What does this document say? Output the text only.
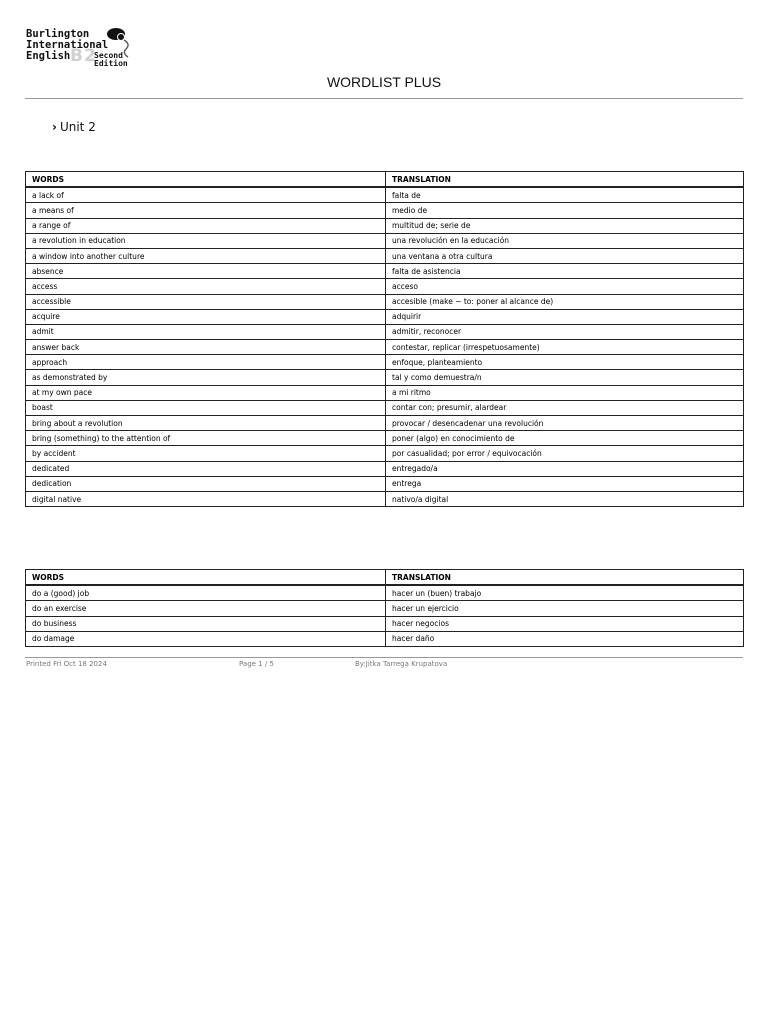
Burlington
International
English B2
Second
Edition
WORDLIST PLUS
› Unit 2
WORDS	TRANSLATION
a lack of	falta de
a means of	medio de
a range of	multitud de; serie de
a revolution in education	una revolución en la educación
a window into another culture	una ventana a otra cultura
absence	falta de asistencia
access	acceso
accessible	accesible (make ~ to: poner al alcance de)
acquire	adquirir
admit	admitir, reconocer
answer back	contestar, replicar (irrespetuosamente)
approach	enfoque, planteamiento
as demonstrated by	tal y como demuestra/n
at my own pace	a mi ritmo
boast	contar con; presumir, alardear
bring about a revolution	provocar / desencadenar una revolución
bring (something) to the attention of	poner (algo) en conocimiento de
by accident	por casualidad; por error / equivocación
dedicated	entregado/a
dedication	entrega
digital native	nativo/a digital
WORDS	TRANSLATION
do a (good) job	hacer un (buen) trabajo
do an exercise	hacer un ejercicio
do business	hacer negocios
do damage	hacer daño
Printed Fri Oct 18 2024	Page 1 / 5	By:Jitka Tarrega Krupatova
